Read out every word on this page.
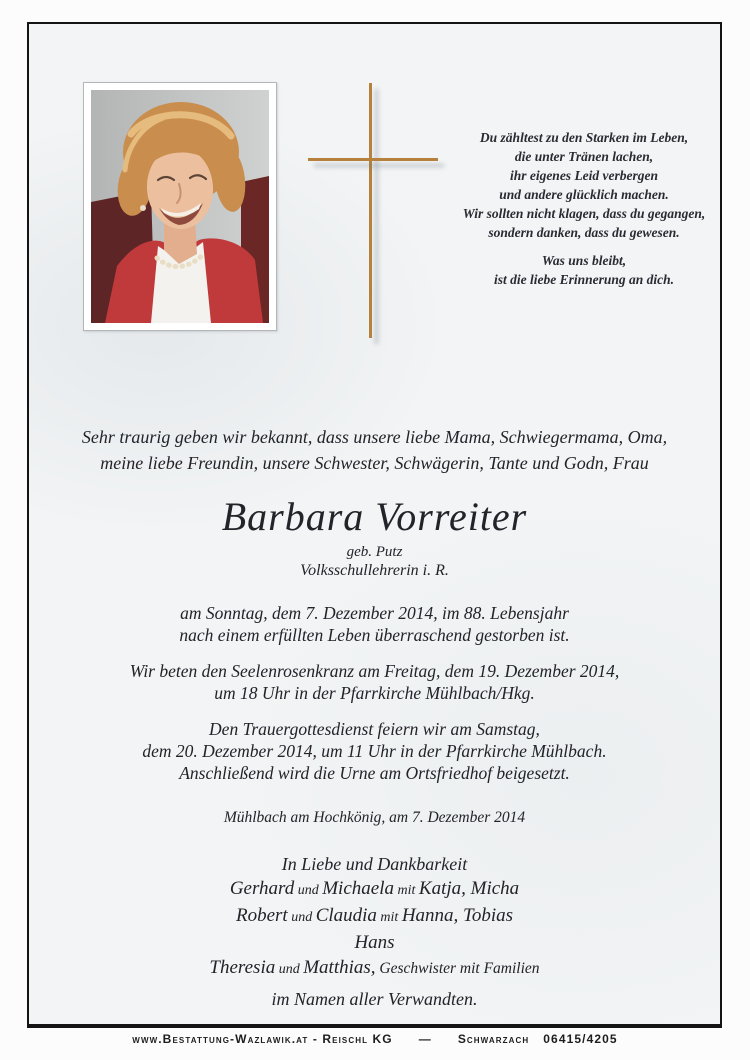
Du zähltest zu den Starken im Leben,
die unter Tränen lachen,
ihr eigenes Leid verbergen
und andere glücklich machen.
Wir sollten nicht klagen, dass du gegangen,
sondern danken, dass du gewesen.
Was uns bleibt,
ist die liebe Erinnerung an dich.
Sehr traurig geben wir bekannt, dass unsere liebe Mama, Schwiegermama, Oma,
meine liebe Freundin, unsere Schwester, Schwägerin, Tante und Godn, Frau
Barbara Vorreiter
geb. Putz
Volksschullehrerin i. R.
am Sonntag, dem 7. Dezember 2014, im 88. Lebensjahr
nach einem erfüllten Leben überraschend gestorben ist.
Wir beten den Seelenrosenkranz am Freitag, dem 19. Dezember 2014,
um 18 Uhr in der Pfarrkirche Mühlbach/Hkg.
Den Trauergottesdienst feiern wir am Samstag,
dem 20. Dezember 2014, um 11 Uhr in der Pfarrkirche Mühlbach.
Anschließend wird die Urne am Ortsfriedhof beigesetzt.
Mühlbach am Hochkönig, am 7. Dezember 2014
In Liebe und Dankbarkeit
Gerhard und Michaela mit Katja, Micha
Robert und Claudia mit Hanna, Tobias
Hans
Theresia und Matthias, Geschwister mit Familien
im Namen aller Verwandten.
www.Bestattung-Wazlawik.at - Reischl KG — Schwarzach 06415/4205
